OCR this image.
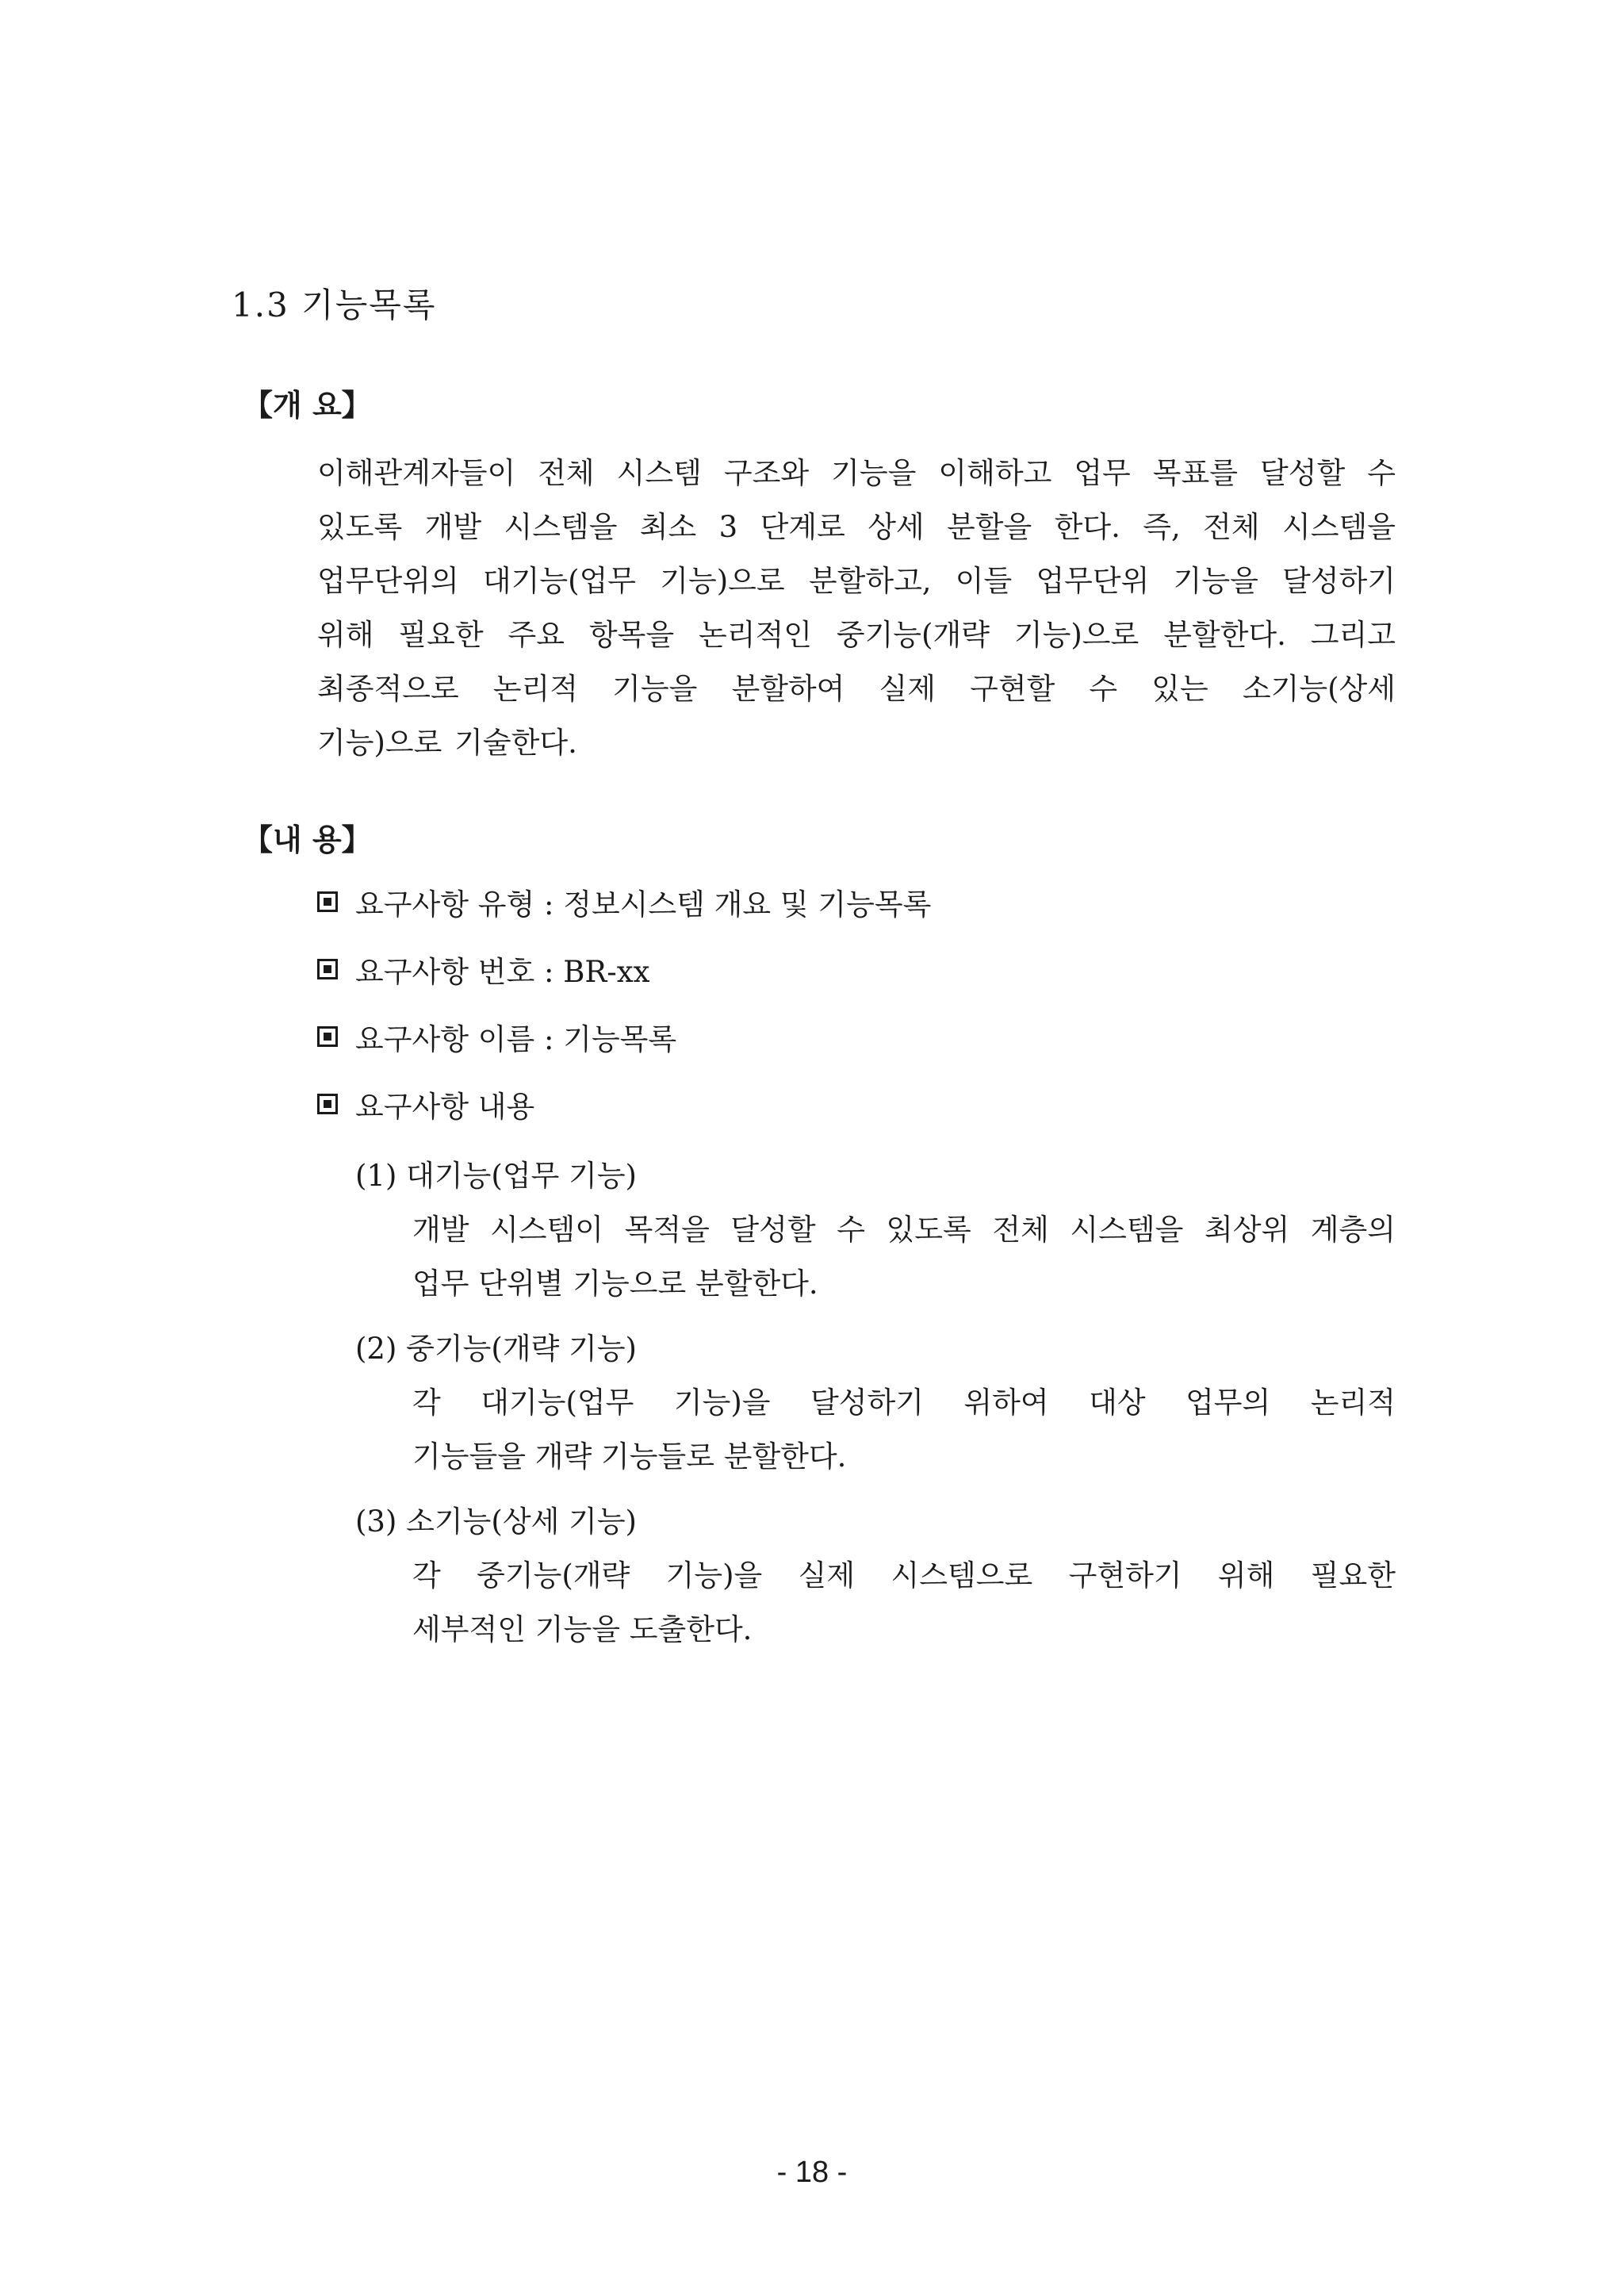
1.3 기능목록
【개 요】
이해관계자들이 전체 시스템 구조와 기능을 이해하고 업무 목표를 달성할 수
있도록 개발 시스템을 최소 3 단계로 상세 분할을 한다. 즉, 전체 시스템을
업무단위의 대기능(업무 기능)으로 분할하고, 이들 업무단위 기능을 달성하기
위해 필요한 주요 항목을 논리적인 중기능(개략 기능)으로 분할한다. 그리고
최종적으로 논리적 기능을 분할하여 실제 구현할 수 있는 소기능(상세
기능)으로 기술한다.
【내 용】
요구사항 유형 : 정보시스템 개요 및 기능목록
요구사항 번호 : BR-xx
요구사항 이름 : 기능목록
요구사항 내용
(1) 대기능(업무 기능)
개발 시스템이 목적을 달성할 수 있도록 전체 시스템을 최상위 계층의
업무 단위별 기능으로 분할한다.
(2) 중기능(개략 기능)
각 대기능(업무 기능)을 달성하기 위하여 대상 업무의 논리적
기능들을 개략 기능들로 분할한다.
(3) 소기능(상세 기능)
각 중기능(개략 기능)을 실제 시스템으로 구현하기 위해 필요한
세부적인 기능을 도출한다.
- 18 -
